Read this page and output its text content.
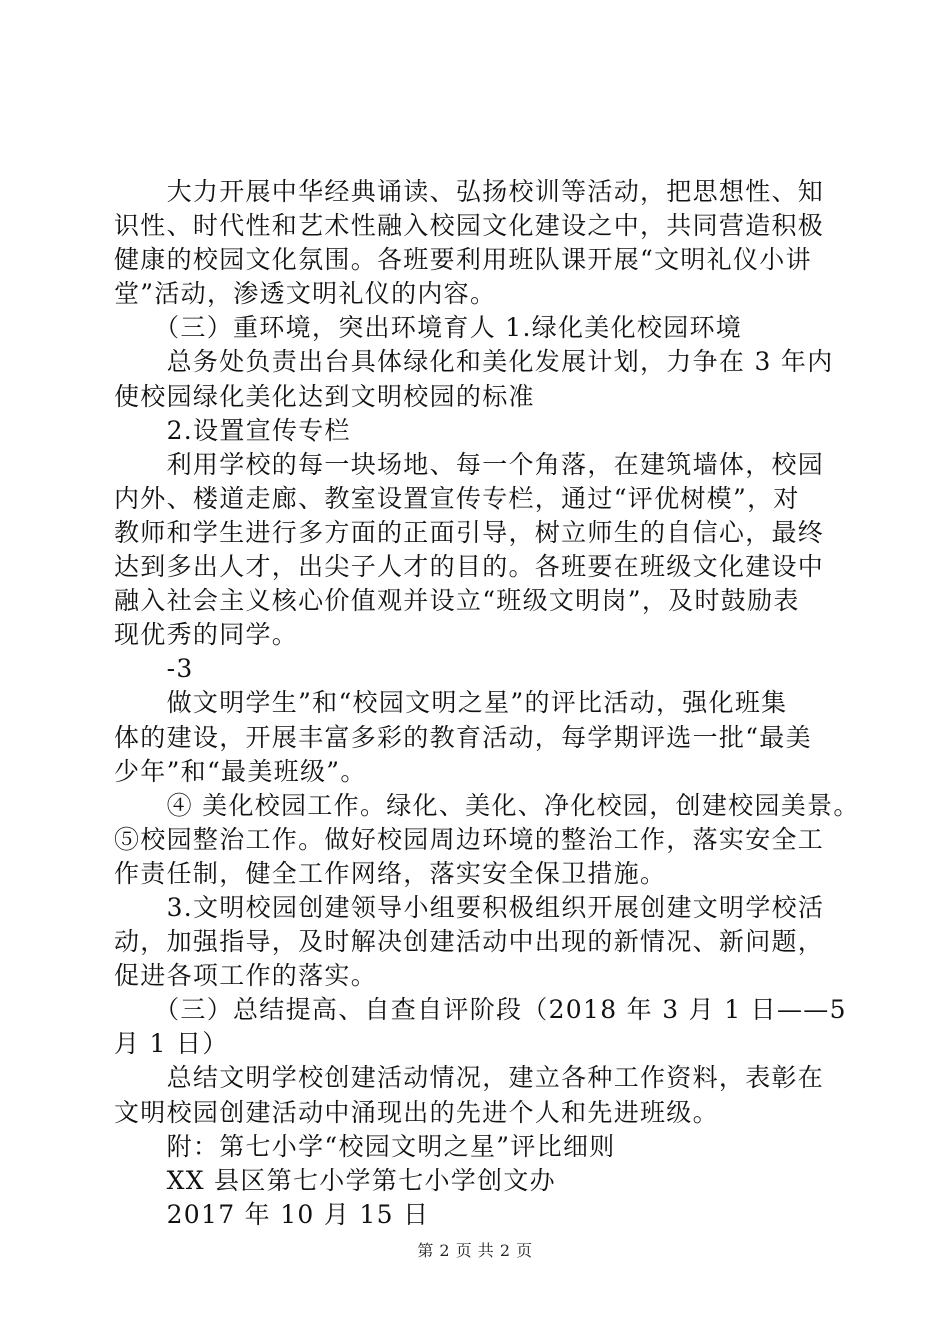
　　大力开展中华经典诵读、弘扬校训等活动，把思想性、知
识性、时代性和艺术性融入校园文化建设之中，共同营造积极
健康的校园文化氛围。各班要利用班队课开展“文明礼仪小讲
堂”活动，渗透文明礼仪的内容。
　　（三）重环境，突出环境育人 1.绿化美化校园环境
　　总务处负责出台具体绿化和美化发展计划，力争在 3 年内
使校园绿化美化达到文明校园的标准
　　2.设置宣传专栏
　　利用学校的每一块场地、每一个角落，在建筑墙体，校园
内外、楼道走廊、教室设置宣传专栏，通过“评优树模”，对
教师和学生进行多方面的正面引导，树立师生的自信心，最终
达到多出人才，出尖子人才的目的。各班要在班级文化建设中
融入社会主义核心价值观并设立“班级文明岗”，及时鼓励表
现优秀的同学。
　　-3
　　做文明学生”和“校园文明之星”的评比活动，强化班集
体的建设，开展丰富多彩的教育活动，每学期评选一批“最美
少年”和“最美班级”。
　　④ 美化校园工作。绿化、美化、净化校园，创建校园美景。
⑤校园整治工作。做好校园周边环境的整治工作，落实安全工
作责任制，健全工作网络，落实安全保卫措施。
　　3.文明校园创建领导小组要积极组织开展创建文明学校活
动，加强指导，及时解决创建活动中出现的新情况、新问题，
促进各项工作的落实。
　　（三）总结提高、自查自评阶段（2018 年 3 月 1 日——5
月 1 日）
　　总结文明学校创建活动情况，建立各种工作资料，表彰在
文明校园创建活动中涌现出的先进个人和先进班级。
　　附：第七小学“校园文明之星”评比细则
　　XX 县区第七小学第七小学创文办
　　2017 年 10 月 15 日
第 2 页 共 2 页
